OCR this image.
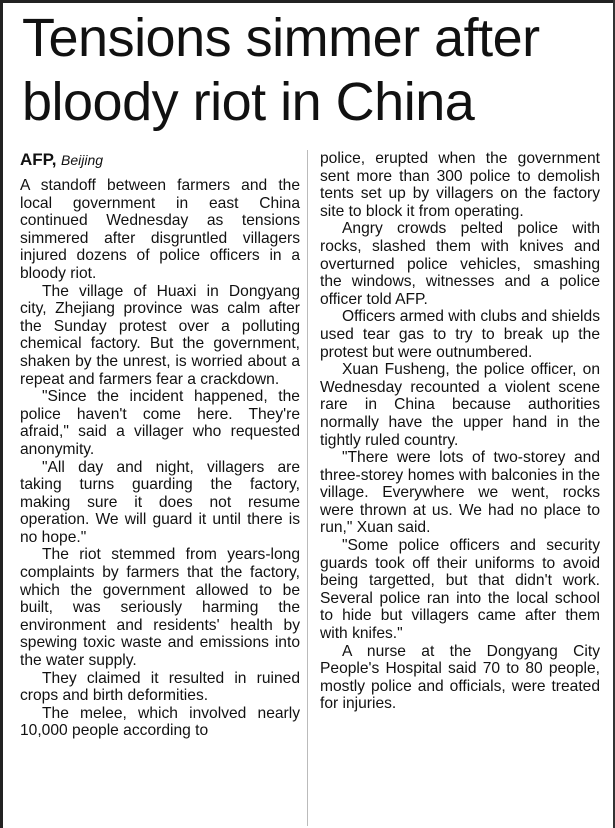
Tensions simmer after bloody riot in China
AFP, Beijing

A standoff between farmers and the local government in east China continued Wednesday as tensions simmered after disgruntled villagers injured dozens of police officers in a bloody riot.

The village of Huaxi in Dongyang city, Zhejiang province was calm after the Sunday protest over a polluting chemical factory. But the government, shaken by the unrest, is worried about a repeat and farmers fear a crackdown.

"Since the incident happened, the police haven't come here. They're afraid," said a villager who requested anonymity.

"All day and night, villagers are taking turns guarding the factory, making sure it does not resume operation. We will guard it until there is no hope."

The riot stemmed from years-long complaints by farmers that the factory, which the government allowed to be built, was seriously harming the environment and residents' health by spewing toxic waste and emissions into the water supply.

They claimed it resulted in ruined crops and birth deformities.

The melee, which involved nearly 10,000 people according to

police, erupted when the government sent more than 300 police to demolish tents set up by villagers on the factory site to block it from operating.

Angry crowds pelted police with rocks, slashed them with knives and overturned police vehicles, smashing the windows, witnesses and a police officer told AFP.

Officers armed with clubs and shields used tear gas to try to break up the protest but were outnumbered.

Xuan Fusheng, the police officer, on Wednesday recounted a violent scene rare in China because authorities normally have the upper hand in the tightly ruled country.

"There were lots of two-storey and three-storey homes with balconies in the village. Everywhere we went, rocks were thrown at us. We had no place to run," Xuan said.

"Some police officers and security guards took off their uniforms to avoid being targetted, but that didn't work. Several police ran into the local school to hide but villagers came after them with knifes."

A nurse at the Dongyang City People's Hospital said 70 to 80 people, mostly police and officials, were treated for injuries.
